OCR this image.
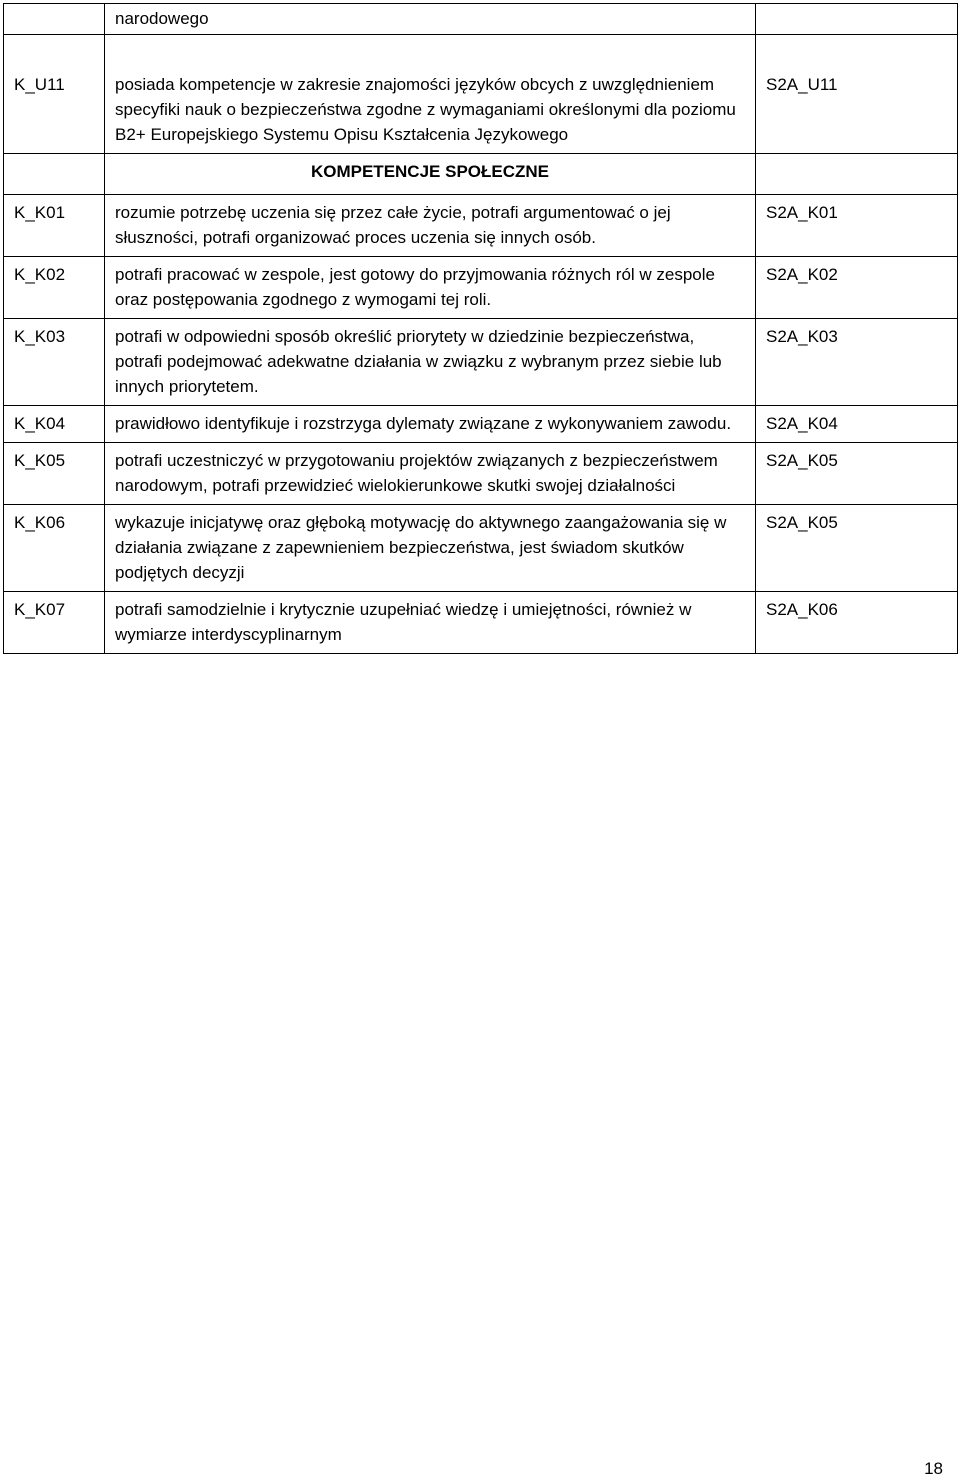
	narodowego	
K_U11	posiada kompetencje w zakresie znajomości języków obcych z uwzględnieniem specyfiki nauk o bezpieczeństwa zgodne z wymaganiami określonymi dla poziomu B2+ Europejskiego Systemu Opisu Kształcenia Językowego	S2A_U11
	KOMPETENCJE SPOŁECZNE	
K_K01	rozumie potrzebę uczenia się przez całe życie, potrafi argumentować o jej słuszności, potrafi organizować proces uczenia się innych osób.	S2A_K01
K_K02	potrafi pracować w zespole, jest gotowy do przyjmowania różnych ról w zespole oraz postępowania zgodnego z wymogami tej roli.	S2A_K02
K_K03	potrafi w odpowiedni sposób określić priorytety w dziedzinie bezpieczeństwa, potrafi podejmować adekwatne działania w związku z wybranym przez siebie lub innych priorytetem.	S2A_K03
K_K04	prawidłowo identyfikuje i rozstrzyga dylematy związane z wykonywaniem zawodu.	S2A_K04
K_K05	potrafi uczestniczyć w przygotowaniu projektów związanych z bezpieczeństwem narodowym, potrafi przewidzieć wielokierunkowe skutki swojej działalności	S2A_K05
K_K06	wykazuje inicjatywę oraz głęboką motywację do aktywnego zaangażowania się w działania związane z zapewnieniem bezpieczeństwa, jest świadom skutków podjętych decyzji	S2A_K05
K_K07	potrafi samodzielnie i krytycznie uzupełniać wiedzę i umiejętności, również w wymiarze interdyscyplinarnym	S2A_K06
18
